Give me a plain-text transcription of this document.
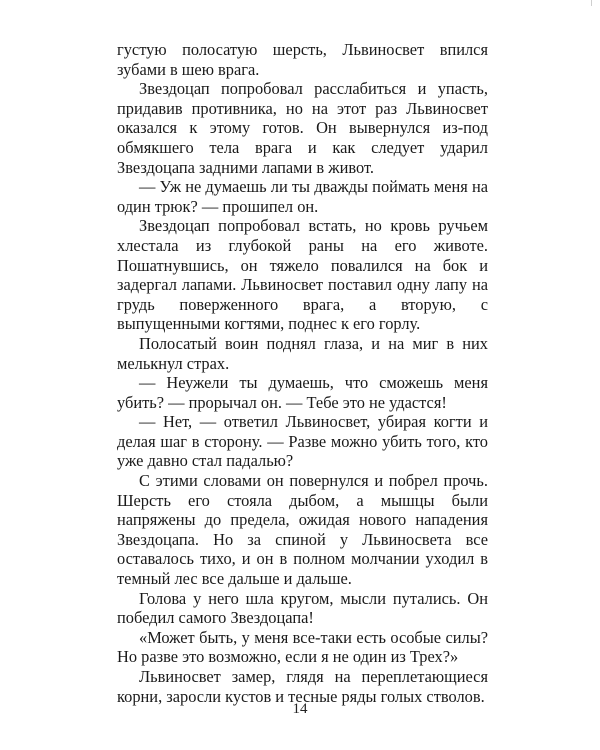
густую полосатую шерсть, Львиносвет впился зубами в шею врага.

Звездоцап попробовал расслабиться и упасть, придавив противника, но на этот раз Львиносвет оказался к этому готов. Он вывернулся из-под обмякшего тела врага и как следует ударил Звездоцапа задними лапами в живот.

— Уж не думаешь ли ты дважды поймать меня на один трюк? — прошипел он.

Звездоцап попробовал встать, но кровь ручьем хлестала из глубокой раны на его животе. Пошатнувшись, он тяжело повалился на бок и задергал лапами. Львиносвет поставил одну лапу на грудь поверженного врага, а вторую, с выпущенными когтями, поднес к его горлу.

Полосатый воин поднял глаза, и на миг в них мелькнул страх.

— Неужели ты думаешь, что сможешь меня убить? — прорычал он. — Тебе это не удастся!

— Нет, — ответил Львиносвет, убирая когти и делая шаг в сторону. — Разве можно убить того, кто уже давно стал падалью?

С этими словами он повернулся и побрел прочь. Шерсть его стояла дыбом, а мышцы были напряжены до предела, ожидая нового нападения Звездоцапа. Но за спиной у Львиносвета все оставалось тихо, и он в полном молчании уходил в темный лес все дальше и дальше.

Голова у него шла кругом, мысли путались. Он победил самого Звездоцапа!

«Может быть, у меня все-таки есть особые силы? Но разве это возможно, если я не один из Трех?»

Львиносвет замер, глядя на переплетающиеся корни, заросли кустов и тесные ряды голых стволов.

14
